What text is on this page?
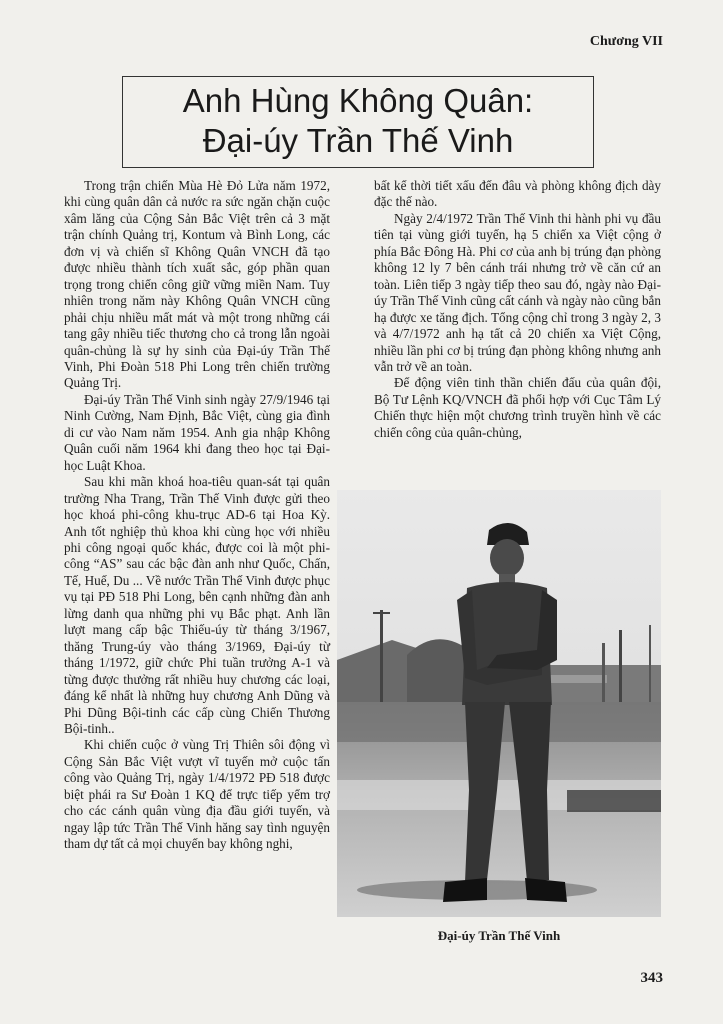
Chương VII
Anh Hùng Không Quân:
Đại-úy Trần Thế Vinh

Trong trận chiến Mùa Hè Đỏ Lửa năm 1972, khi cùng quân dân cả nước ra sức ngăn chặn cuộc xâm lăng của Cộng Sản Bắc Việt trên cả 3 mặt trận chính Quảng trị, Kontum và Bình Long, các đơn vị và chiến sĩ Không Quân VNCH đã tạo được nhiều thành tích xuất sắc, góp phần quan trọng trong chiến công giữ vững miền Nam. Tuy nhiên trong năm này Không Quân VNCH cũng phải chịu nhiều mất mát và một trong những cái tang gây nhiều tiếc thương cho cả trong lẫn ngoài quân-chủng là sự hy sinh của Đại-úy Trần Thế Vinh, Phi Đoàn 518 Phi Long trên chiến trường Quảng Trị.

Đại-úy Trần Thế Vinh sinh ngày 27/9/1946 tại Ninh Cường, Nam Định, Bắc Việt, cùng gia đình di cư vào Nam năm 1954. Anh gia nhập Không Quân cuối năm 1964 khi đang theo học tại Đại-học Luật Khoa.

Sau khi mãn khoá hoa-tiêu quan-sát tại quân trường Nha Trang, Trần Thế Vinh được gửi theo học khoá phi-công khu-trục AD-6 tại Hoa Kỳ. Anh tốt nghiệp thủ khoa khi cùng học với nhiều phi công ngoại quốc khác, được coi là một phi-công “AS” sau các bậc đàn anh như Quốc, Chấn, Tế, Huế, Du ... Về nước Trần Thế Vinh được phục vụ tại PĐ 518 Phi Long, bên cạnh những đàn anh lừng danh qua những phi vụ Bắc phạt. Anh lần lượt mang cấp bậc Thiếu-úy từ tháng 3/1967, thăng Trung-úy vào tháng 3/1969, Đại-úy từ tháng 1/1972, giữ chức Phi tuần trưởng A-1 và từng được thưởng rất nhiều huy chương các loại, đáng kể nhất là những huy chương Anh Dũng và Phi Dũng Bội-tinh các cấp cùng Chiến Thương Bội-tinh..

Khi chiến cuộc ở vùng Trị Thiên sôi động vì Cộng Sản Bắc Việt vượt vĩ tuyến mở cuộc tấn công vào Quảng Trị, ngày 1/4/1972 PĐ 518 được biệt phái ra Sư Đoàn 1 KQ để trực tiếp yểm trợ cho các cánh quân vùng địa đầu giới tuyến, và ngay lập tức Trần Thế Vinh hăng say tình nguyện tham dự tất cả mọi chuyến bay không nghi,

bất kể thời tiết xấu đến đâu và phòng không địch dày đặc thế nào.

Ngày 2/4/1972 Trần Thế Vinh thi hành phi vụ đầu tiên tại vùng giới tuyến, hạ 5 chiến xa Việt cộng ở phía Bắc Đông Hà. Phi cơ của anh bị trúng đạn phòng không 12 ly 7 bên cánh trái nhưng trở về căn cứ an toàn. Liên tiếp 3 ngày tiếp theo sau đó, ngày nào Đại-úy Trần Thế Vinh cũng cất cánh và ngày nào cũng bắn hạ được xe tăng địch. Tổng cộng chỉ trong 3 ngày 2, 3 và 4/7/1972 anh hạ tất cả 20 chiến xa Việt Cộng, nhiều lần phi cơ bị trúng đạn phòng không nhưng anh vẫn trở về an toàn.

Để động viên tinh thần chiến đấu của quân đội, Bộ Tư Lệnh KQ/VNCH đã phối hợp với Cục Tâm Lý Chiến thực hiện một chương trình truyền hình về các chiến công của quân-chủng,

Đại-úy Trần Thế Vinh
343
